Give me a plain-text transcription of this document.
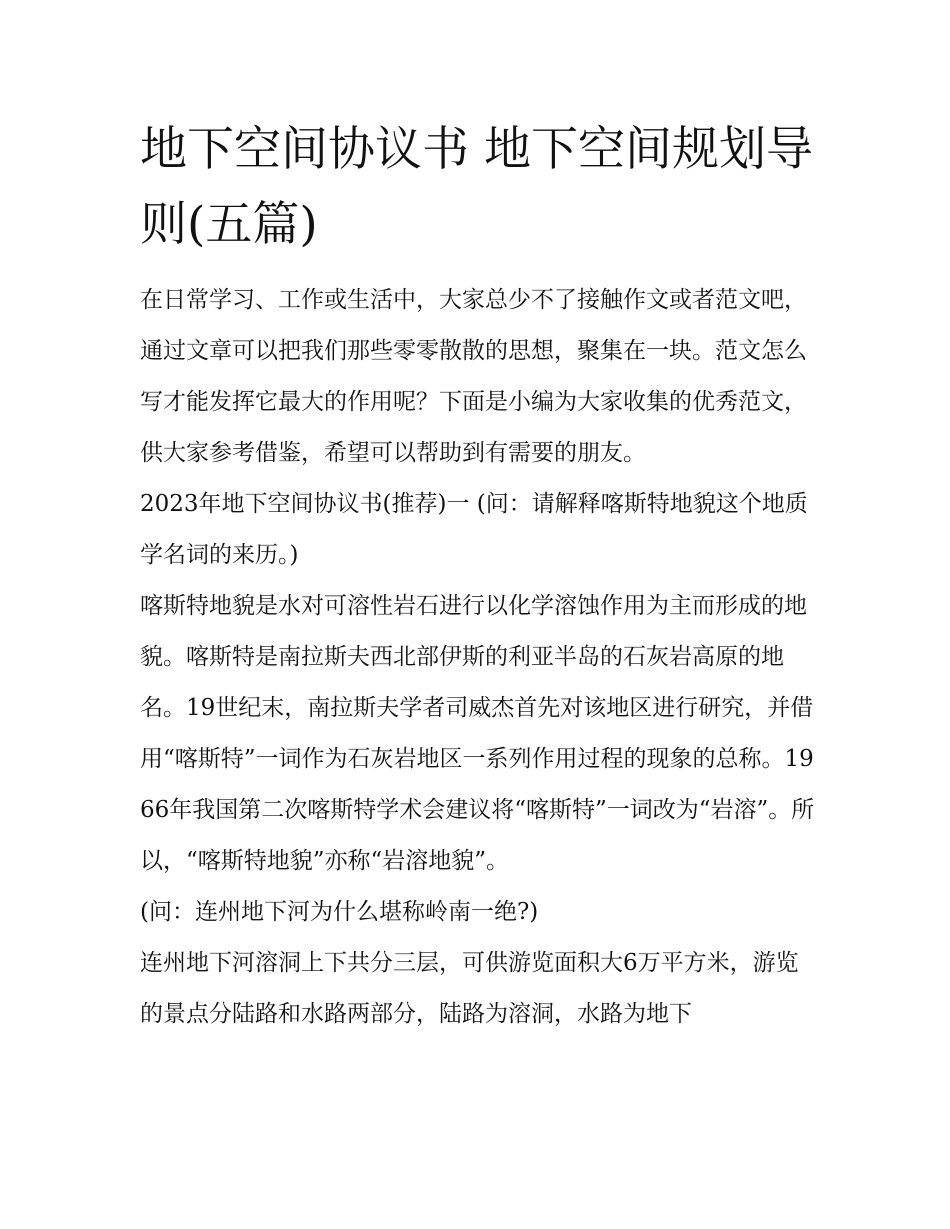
地下空间协议书 地下空间规划导则(五篇)

在日常学习、工作或生活中，大家总少不了接触作文或者范文吧，通过文章可以把我们那些零零散散的思想，聚集在一块。范文怎么写才能发挥它最大的作用呢？下面是小编为大家收集的优秀范文，供大家参考借鉴，希望可以帮助到有需要的朋友。

2023年地下空间协议书(推荐)一 (问：请解释喀斯特地貌这个地质学名词的来历。)

喀斯特地貌是水对可溶性岩石进行以化学溶蚀作用为主而形成的地貌。喀斯特是南拉斯夫西北部伊斯的利亚半岛的石灰岩高原的地名。19世纪末，南拉斯夫学者司威杰首先对该地区进行研究，并借用“喀斯特”一词作为石灰岩地区一系列作用过程的现象的总称。1966年我国第二次喀斯特学术会建议将“喀斯特”一词改为“岩溶”。所以，“喀斯特地貌”亦称“岩溶地貌”。

(问：连州地下河为什么堪称岭南一绝?)

连州地下河溶洞上下共分三层，可供游览面积大6万平方米，游览的景点分陆路和水路两部分，陆路为溶洞，水路为地下
